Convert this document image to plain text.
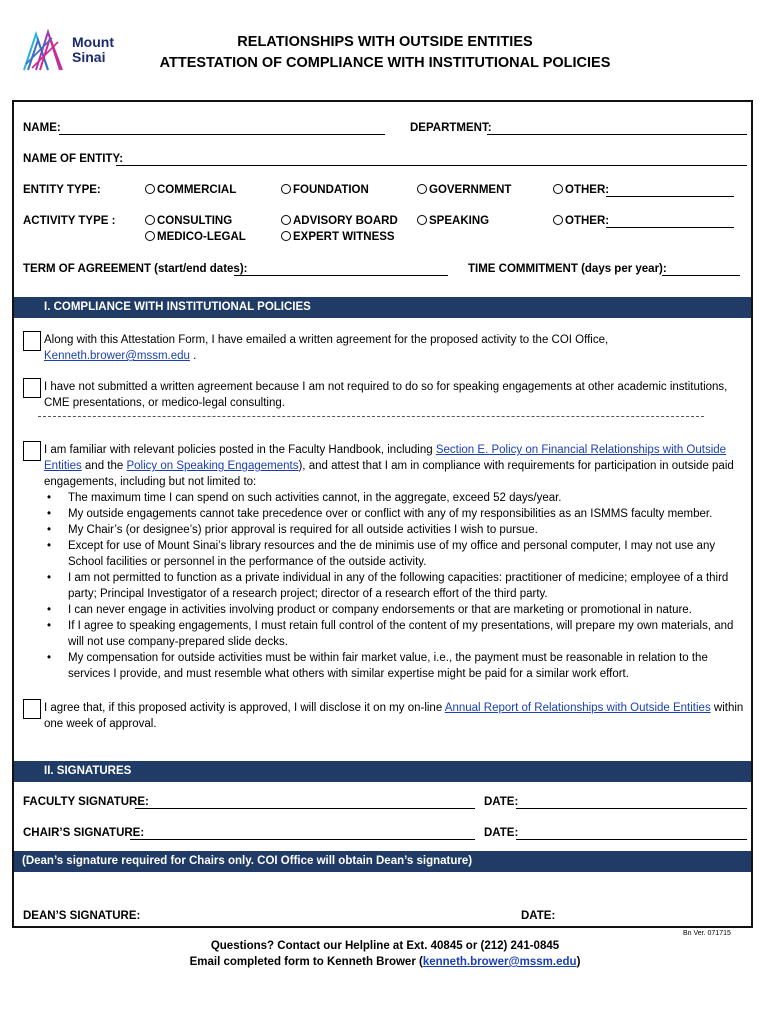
Mount
Sinai
RELATIONSHIPS WITH OUTSIDE ENTITIES
ATTESTATION OF COMPLIANCE WITH INSTITUTIONAL POLICIES
NAME:	DEPARTMENT:
NAME OF ENTITY:
ENTITY TYPE:	COMMERCIAL	FOUNDATION	GOVERNMENT	OTHER:
ACTIVITY TYPE :	CONSULTING	ADVISORY BOARD	SPEAKING	OTHER:
MEDICO-LEGAL	EXPERT WITNESS
TERM OF AGREEMENT (start/end dates):	TIME COMMITMENT (days per year):
I. COMPLIANCE WITH INSTITUTIONAL POLICIES
Along with this Attestation Form, I have emailed a written agreement for the proposed activity to the COI Office,
Kenneth.brower@mssm.edu .
I have not submitted a written agreement because I am not required to do so for speaking engagements at other academic institutions, CME presentations, or medico-legal consulting.
I am familiar with relevant policies posted in the Faculty Handbook, including Section E. Policy on Financial Relationships with Outside Entities and the Policy on Speaking Engagements), and attest that I am in compliance with requirements for participation in outside paid engagements, including but not limited to:
• The maximum time I can spend on such activities cannot, in the aggregate, exceed 52 days/year.
• My outside engagements cannot take precedence over or conflict with any of my responsibilities as an ISMMS faculty member.
• My Chair’s (or designee’s) prior approval is required for all outside activities I wish to pursue.
• Except for use of Mount Sinai’s library resources and the de minimis use of my office and personal computer, I may not use any School facilities or personnel in the performance of the outside activity.
• I am not permitted to function as a private individual in any of the following capacities: practitioner of medicine; employee of a third party; Principal Investigator of a research project; director of a research effort of the third party.
• I can never engage in activities involving product or company endorsements or that are marketing or promotional in nature.
• If I agree to speaking engagements, I must retain full control of the content of my presentations, will prepare my own materials, and will not use company-prepared slide decks.
• My compensation for outside activities must be within fair market value, i.e., the payment must be reasonable in relation to the services I provide, and must resemble what others with similar expertise might be paid for a similar work effort.
I agree that, if this proposed activity is approved, I will disclose it on my on-line Annual Report of Relationships with Outside Entities within one week of approval.
II. SIGNATURES
FACULTY SIGNATURE:	DATE:
CHAIR’S SIGNATURE:	DATE:
(Dean’s signature required for Chairs only. COI Office will obtain Dean’s signature)
DEAN’S SIGNATURE:	DATE:
Bn Ver. 071715
Questions? Contact our Helpline at Ext. 40845 or (212) 241-0845
Email completed form to Kenneth Brower (kenneth.brower@mssm.edu)
